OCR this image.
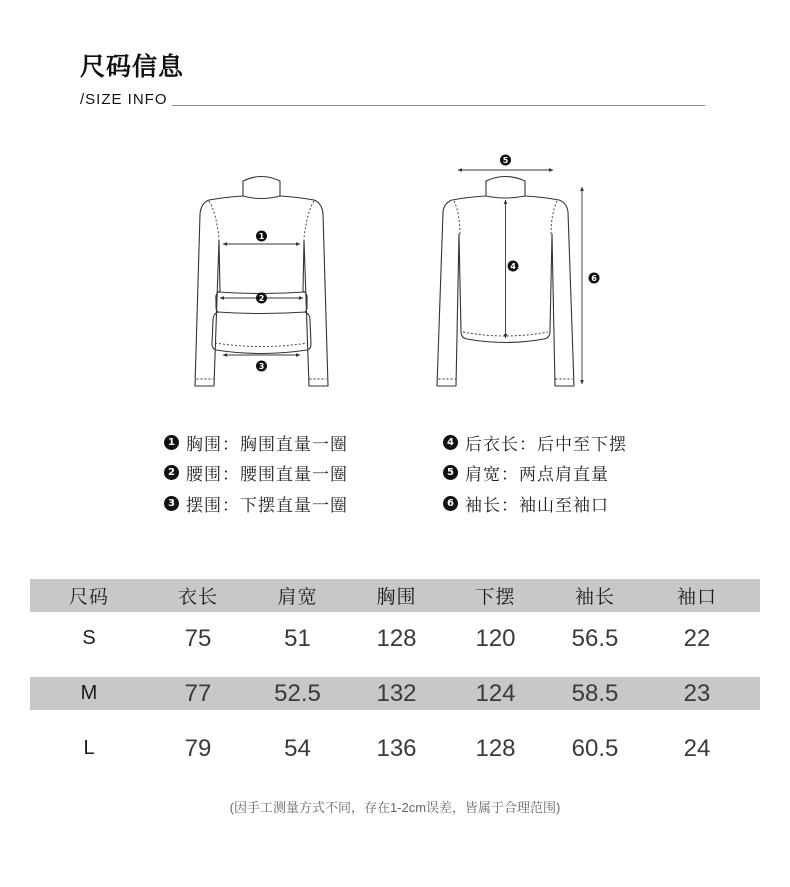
尺码信息
/SIZE INFO
1
2
3
4
5
6
1 胸围： 胸围直量一圈
2 腰围： 腰围直量一圈
3 摆围： 下摆直量一圈
4 后衣长： 后中至下摆
5 肩宽： 两点肩直量
6 袖长： 袖山至袖口
尺码	衣长	肩宽	胸围	下摆	袖长	袖口
S	75	51	128	120	56.5	22
M	77	52.5	132	124	58.5	23
L	79	54	136	128	60.5	24
(因手工测量方式不同，存在1-2cm误差，皆属于合理范围)
